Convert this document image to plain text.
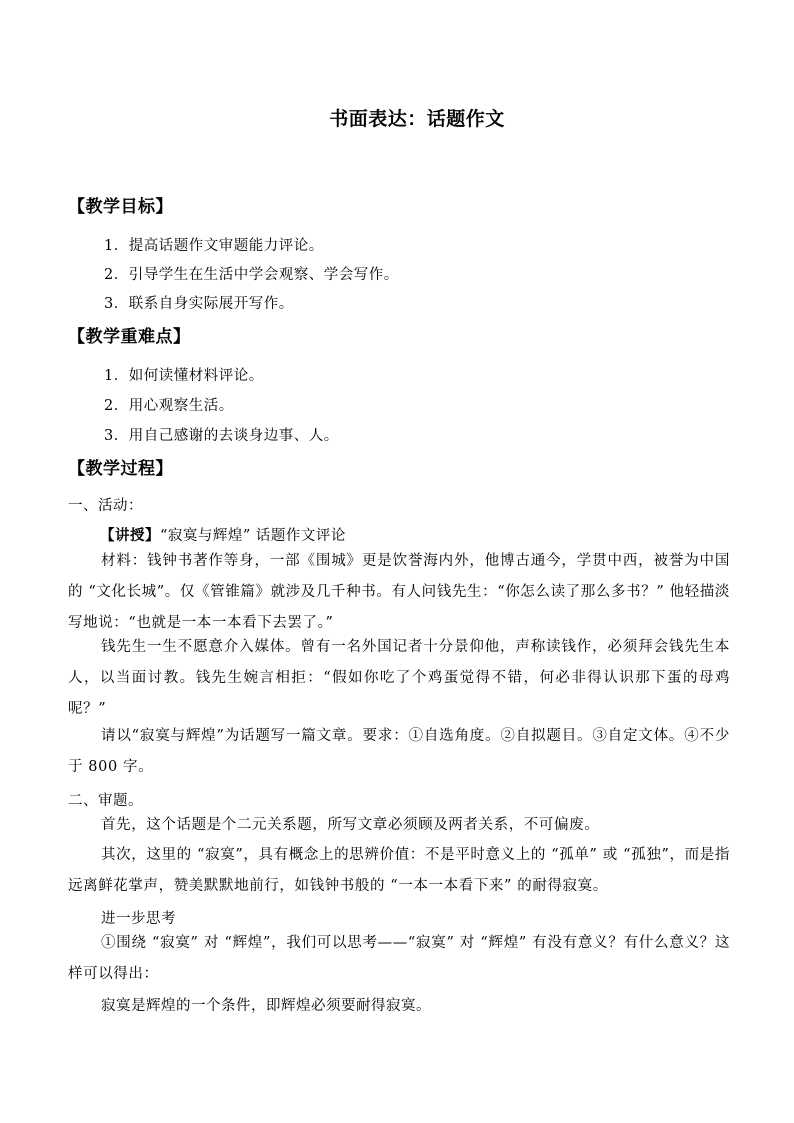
书面表达：话题作文
【教学目标】
1．提高话题作文审题能力评论。
2．引导学生在生活中学会观察、学会写作。
3．联系自身实际展开写作。
【教学重难点】
1．如何读懂材料评论。
2．用心观察生活。
3．用自己感谢的去谈身边事、人。
【教学过程】
一、活动：
【讲授】“寂寞与辉煌” 话题作文评论

材料：钱钟书著作等身，一部《围城》更是饮誉海内外，他博古通今，学贯中西，被誉为中国的 “文化长城”。仅《管锥篇》就涉及几千种书。有人问钱先生：“你怎么读了那么多书？” 他轻描淡写地说：“也就是一本一本看下去罢了。”

钱先生一生不愿意介入媒体。曾有一名外国记者十分景仰他，声称读钱作，必须拜会钱先生本人，以当面讨教。钱先生婉言相拒：“假如你吃了个鸡蛋觉得不错，何必非得认识那下蛋的母鸡呢？”

请以“寂寞与辉煌”为话题写一篇文章。要求：①自选角度。②自拟题目。③自定文体。④不少于 800 字。

二、审题。

首先，这个话题是个二元关系题，所写文章必须顾及两者关系，不可偏废。

其次，这里的 “寂寞”，具有概念上的思辨价值：不是平时意义上的 “孤单” 或 “孤独”，而是指远离鲜花掌声，赞美默默地前行，如钱钟书般的 “一本一本看下来” 的耐得寂寞。

进一步思考

①围绕 “寂寞” 对 “辉煌”，我们可以思考——“寂寞” 对 “辉煌” 有没有意义？有什么意义？这样可以得出：

寂寞是辉煌的一个条件，即辉煌必须要耐得寂寞。
